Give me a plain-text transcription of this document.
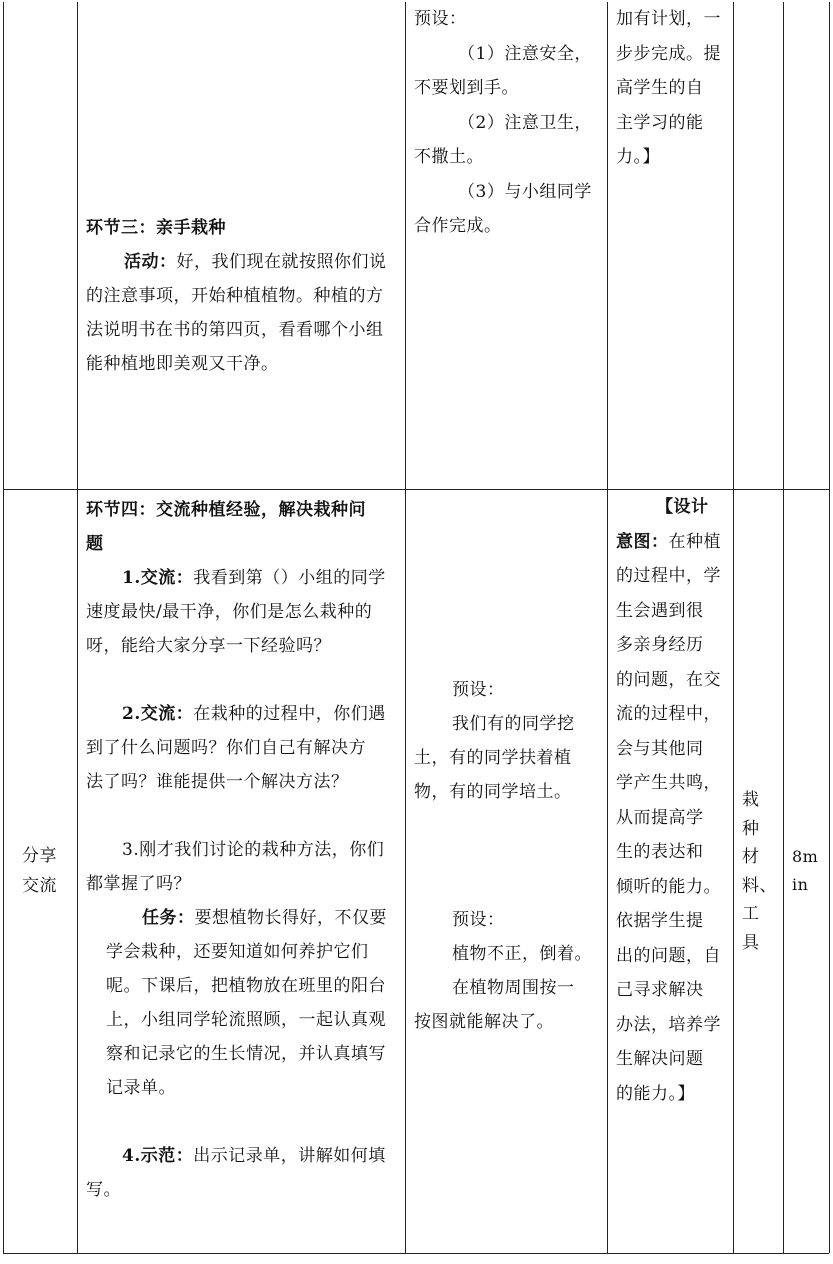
环节三：亲手栽种
活动：好，我们现在就按照你们说
的注意事项，开始种植植物。种植的方
法说明书在书的第四页，看看哪个小组
能种植地即美观又干净。
预设：
（1）注意安全，
不要划到手。
（2）注意卫生，
不撒土。
（3）与小组同学
合作完成。
加有计划，一
步步完成。提
高学生的自
主学习的能
力。】
分享
交流
环节四：交流种植经验，解决栽种问
题
1.交流：我看到第（）小组的同学
速度最快/最干净，你们是怎么栽种的
呀，能给大家分享一下经验吗？
2.交流：在栽种的过程中，你们遇
到了什么问题吗？你们自己有解决方
法了吗？谁能提供一个解决方法？
3.刚才我们讨论的栽种方法，你们
都掌握了吗？
任务：要想植物长得好，不仅要
学会栽种，还要知道如何养护它们
呢。下课后，把植物放在班里的阳台
上，小组同学轮流照顾，一起认真观
察和记录它的生长情况，并认真填写
记录单。
4.示范：出示记录单，讲解如何填
写。
预设：
我们有的同学挖
土，有的同学扶着植
物，有的同学培土。
预设：
植物不正，倒着。
在植物周围按一
按图就能解决了。
【设计
意图：在种植
的过程中，学
生会遇到很
多亲身经历
的问题，在交
流的过程中，
会与其他同
学产生共鸣，
从而提高学
生的表达和
倾听的能力。
依据学生提
出的问题，自
己寻求解决
办法，培养学
生解决问题
的能力。】
栽
种
材
料、
工
具
8m
in
